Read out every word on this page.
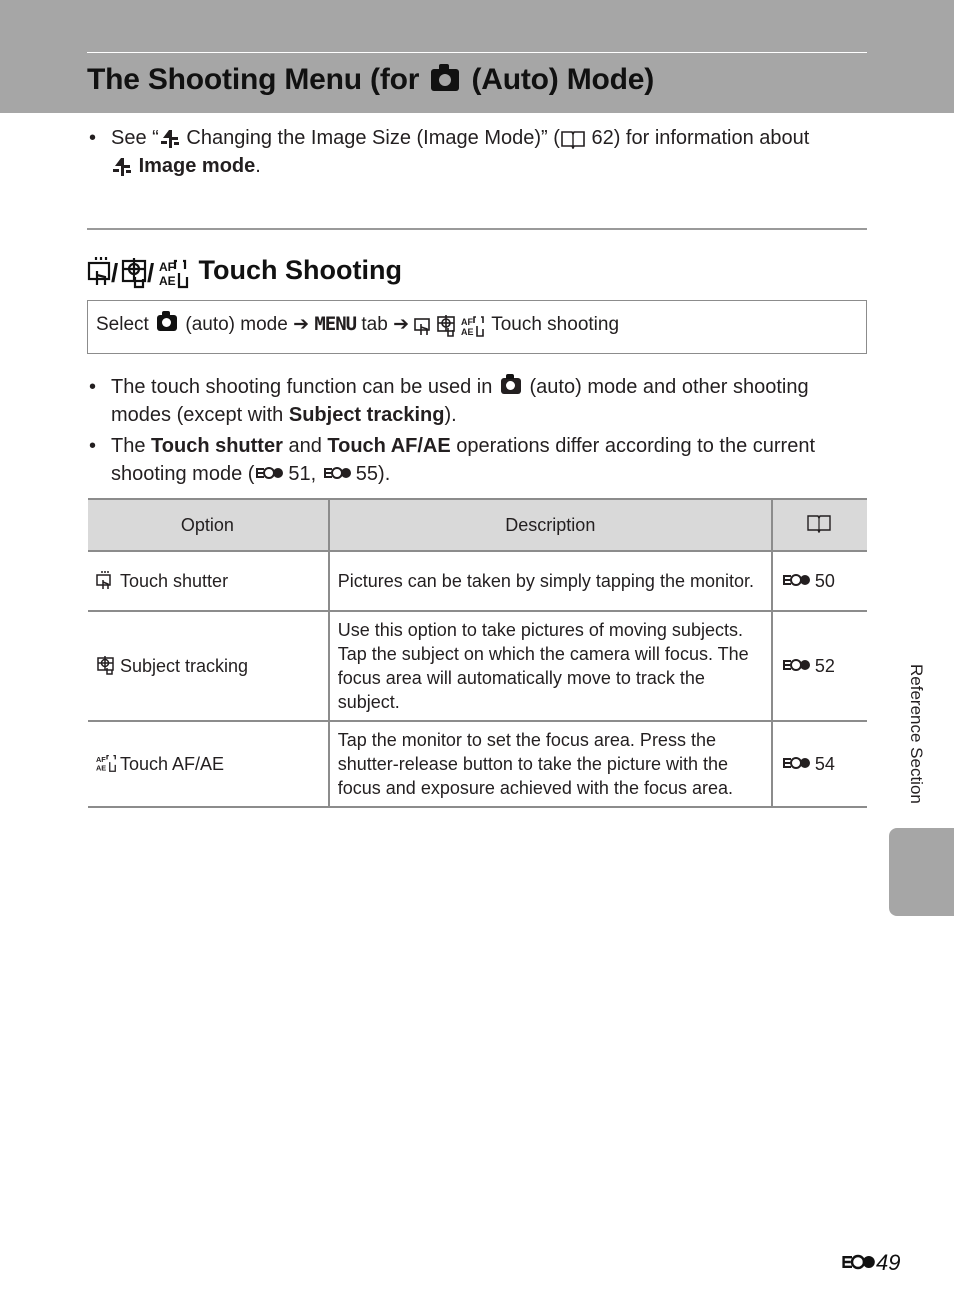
The Shooting Menu (for (Auto) Mode)
• See “ Changing the Image Size (Image Mode)” ( 62) for information about
Image mode.
/ / AF
AE Touch Shooting
Select (auto) mode ➔ MENU tab ➔	AF
AE Touch shooting
• The touch shooting function can be used in (auto) mode and other shooting modes (except with Subject tracking).
• The Touch shutter and Touch AF/AE operations differ according to the current shooting mode ( 51, 55).
Option	Description	
Touch shutter	Pictures can be taken by simply tapping the monitor.	50
Subject tracking	Use this option to take pictures of moving subjects. Tap the subject on which the camera will focus. The focus area will automatically move to track the subject.	52

AF
AE Touch AF/AE	Tap the monitor to set the focus area. Press the shutter-release button to take the picture with the focus and exposure achieved with the focus area.	54	Reference Section
49
